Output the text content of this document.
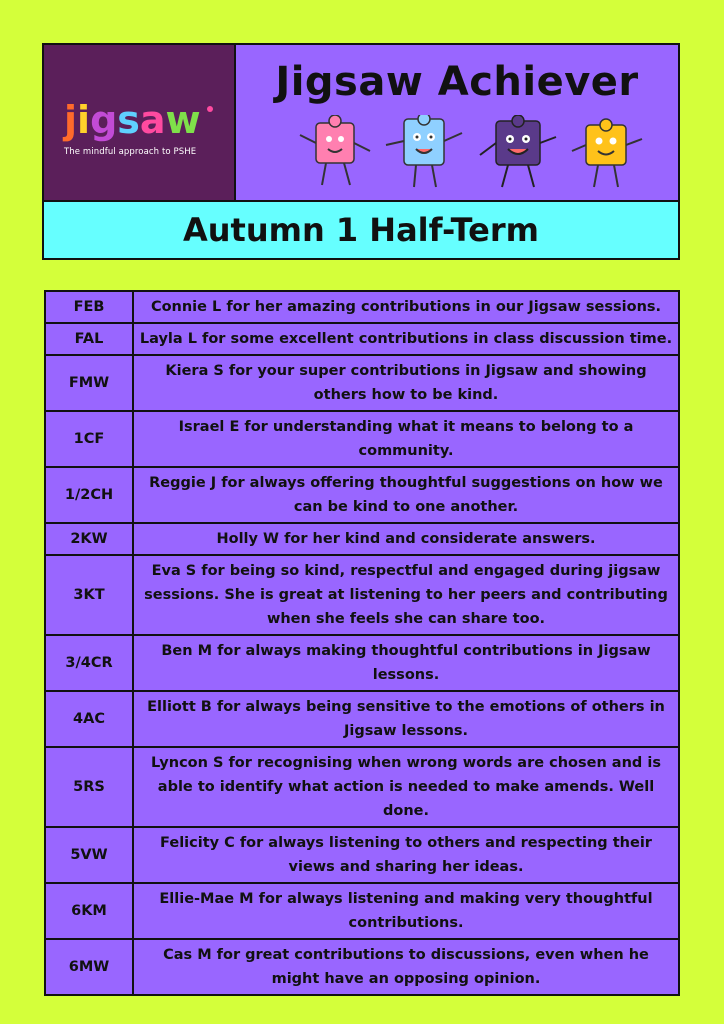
jigsaw
The mindful approach to PSHE
Jigsaw Achiever
Autumn 1 Half-Term
FEB	Connie L for her amazing contributions in our Jigsaw sessions.
FAL	Layla L for some excellent contributions in class discussion time.
FMW	Kiera S for your super contributions in Jigsaw and showing others how to be kind.
1CF	Israel E for understanding what it means to belong to a community.
1/2CH	Reggie J for always offering thoughtful suggestions on how we can be kind to one another.
2KW	Holly W for her kind and considerate answers.
3KT	Eva S for being so kind, respectful and engaged during jigsaw sessions. She is great at listening to her peers and contributing when she feels she can share too.
3/4CR	Ben M for always making thoughtful contributions in Jigsaw lessons.
4AC	Elliott B for always being sensitive to the emotions of others in Jigsaw lessons.
5RS	Lyncon S for recognising when wrong words are chosen and is able to identify what action is needed to make amends. Well done.
5VW	Felicity C for always listening to others and respecting their views and sharing her ideas.
6KM	Ellie-Mae M for always listening and making very thoughtful contributions.
6MW	Cas M for great contributions to discussions, even when he might have an opposing opinion.
